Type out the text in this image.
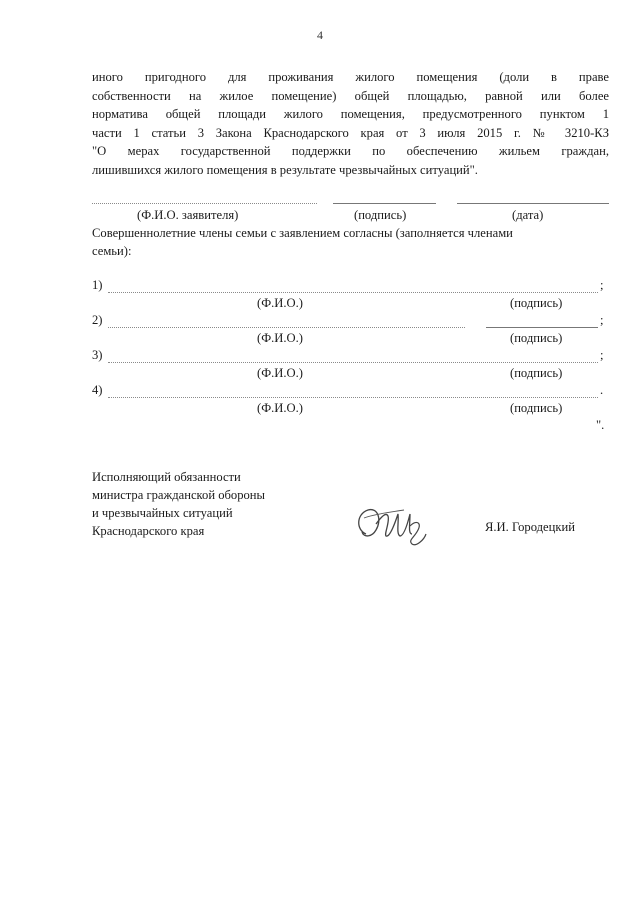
4
иного пригодного для проживания жилого помещения (доли в праве
собственности на жилое помещение) общей площадью, равной или более
норматива общей площади жилого помещения, предусмотренного пунктом 1
части 1 статьи 3 Закона Краснодарского края от 3 июля 2015 г. № 3210-КЗ
"О мерах государственной поддержки по обеспечению жильем граждан,
лишившихся жилого помещения в результате чрезвычайных ситуаций".
(Ф.И.О. заявителя)	(подпись)	(дата)
Совершеннолетние члены семьи с заявлением согласны (заполняется членами
семьи):
1)	;
(Ф.И.О.)	(подпись)
2)	;
(Ф.И.О.)	(подпись)
3)	;
(Ф.И.О.)	(подпись)
4)	.
(Ф.И.О.)	(подпись)
".
Исполняющий обязанности
министра гражданской обороны
и чрезвычайных ситуаций
Краснодарского края	Я.И. Городецкий
